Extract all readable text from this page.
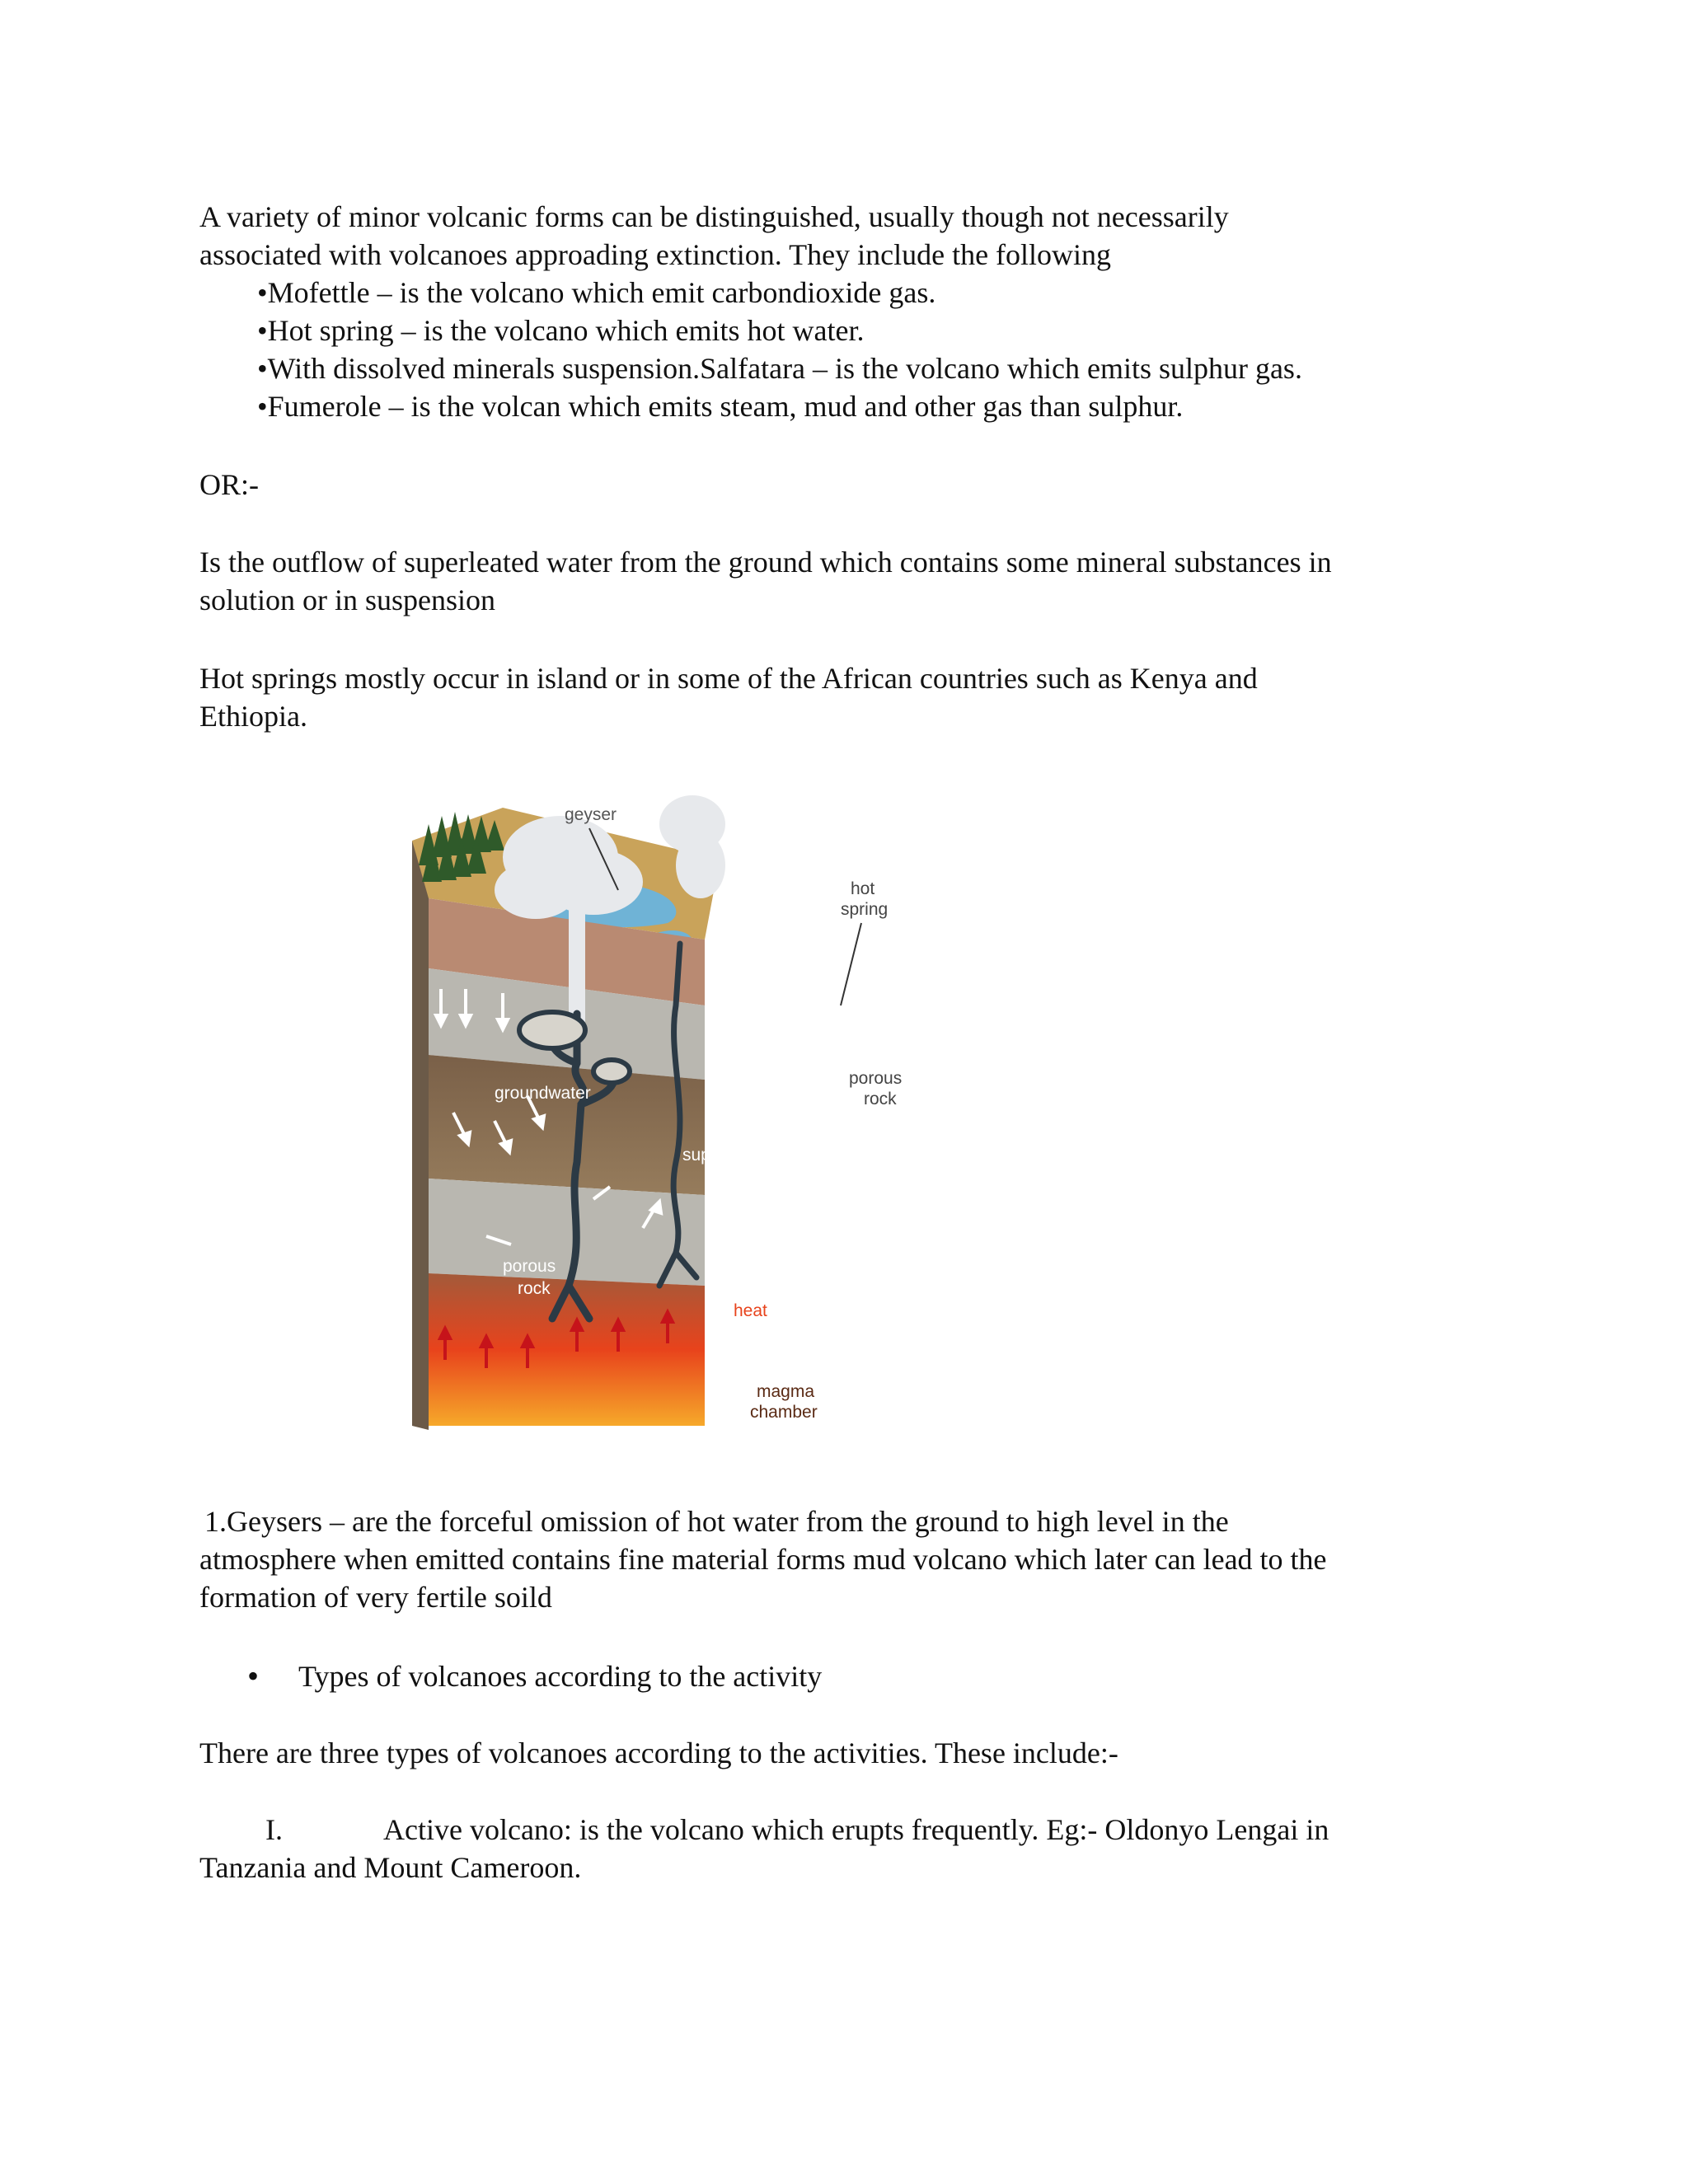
A variety of minor volcanic forms can be distinguished, usually though not necessarily

associated with volcanoes approading extinction. They include the following

•Mofettle – is the volcano which emit carbondioxide gas.

•Hot spring – is the volcano which emits hot water.

•With dissolved minerals suspension.Salfatara – is the volcano which emits sulphur gas.

•Fumerole – is the volcan which emits steam, mud and other gas than sulphur.

OR:-

Is the outflow of superleated water from the ground which contains some mineral substances in

solution or in suspension

Hot springs mostly occur in island or in some of the African countries such as Kenya and

Ethiopia.

geyser
hot
spring
steam
porous
rock
groundwater
superheated
water
porous
rock
heat
magma
chamber

1.Geysers – are the forceful omission of hot water from the ground to high level in the

atmosphere when emitted contains fine material forms mud volcano which later can lead to the

formation of very fertile soild

• Types of volcanoes according to the activity

There are three types of volcanoes according to the activities. These include:-

I.	Active volcano: is the volcano which erupts frequently. Eg:- Oldonyo Lengai in

Tanzania and Mount Cameroon.
